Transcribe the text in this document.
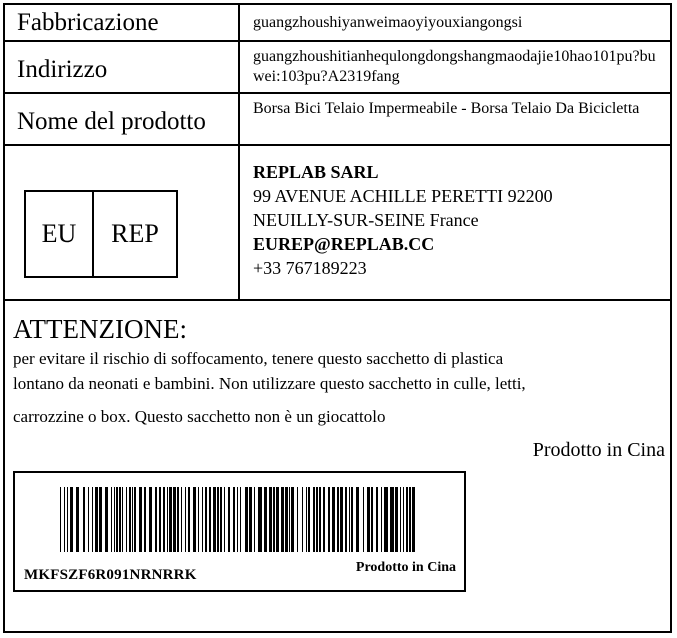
Fabbricazione	guangzhoushiyanweimaoyiyouxiangongsi
Indirizzo	guangzhoushitianhequlongdongshangmaodajie10hao101pu?buwei:103pu?A2319fang
Nome del prodotto	Borsa Bici Telaio Impermeabile - Borsa Telaio Da Bicicletta
EU	REP
REPLAB SARL
99 AVENUE ACHILLE PERETTI 92200
NEUILLY-SUR-SEINE France
EUREP@REPLAB.CC
+33 767189223
ATTENZIONE:
per evitare il rischio di soffocamento, tenere questo sacchetto di plastica
lontano da neonati e bambini. Non utilizzare questo sacchetto in culle, letti,
carrozzine o box. Questo sacchetto non è un giocattolo
Prodotto in Cina
MKFSZF6R091NRNRRK	Prodotto in Cina
